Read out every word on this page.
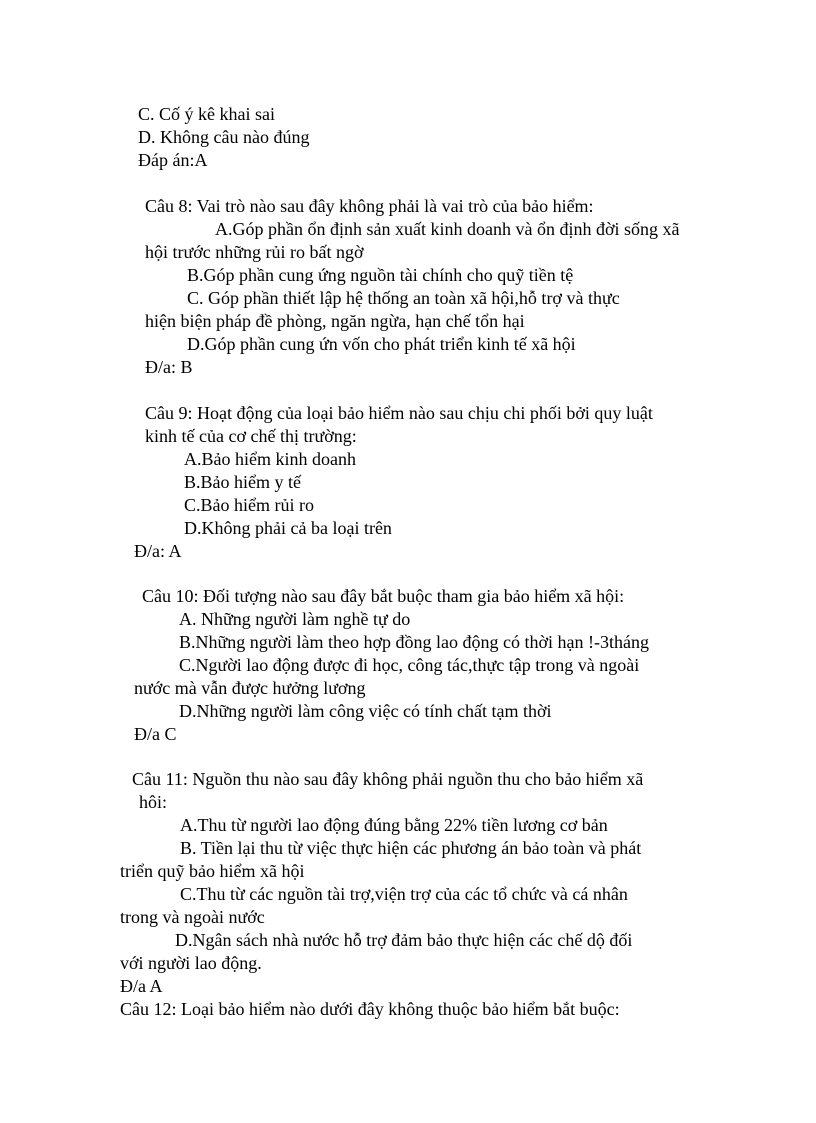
C. Cố ý kê khai sai
D. Không câu nào đúng
Đáp án:A
Câu 8: Vai trò nào sau đây không phải là vai trò của bảo hiểm:
A.Góp phần ổn định sản xuất kinh doanh và ổn định đời sống xã
hội trước những rủi ro bất ngờ
B.Góp phần cung ứng nguồn tài chính cho quỹ tiền tệ
C. Góp phần thiết lập hệ thống an toàn xã hội,hỗ trợ và thực
hiện biện pháp đề phòng, ngăn ngừa, hạn chế tổn hại
D.Góp phần cung ứn vốn cho phát triển kinh tế xã hội
Đ/a: B
Câu 9: Hoạt động của loại bảo hiểm nào sau chịu chi phối bởi quy luật
kinh tế của cơ chế thị trường:
A.Bảo hiểm kinh doanh
B.Bảo hiểm y tế
C.Bảo hiểm rủi ro
D.Không phải cả ba loại trên
Đ/a: A
Câu 10: Đối tượng nào sau đây bắt buộc tham gia bảo hiểm xã hội:
A. Những người làm nghề tự do
B.Những người làm theo hợp đồng lao động có thời hạn !-3tháng
C.Người lao động được đi học, công tác,thực tập trong và ngoài
nước mà vẫn được hưởng lương
D.Những người làm công việc có tính chất tạm thời
Đ/a C
Câu 11: Nguồn thu nào sau đây không phải nguồn thu cho bảo hiểm xã
hôi:
A.Thu từ người lao động đúng bằng 22% tiền lương cơ bản
B. Tiền lại thu từ việc thực hiện các phương án bảo toàn và phát
triển quỹ bảo hiểm xã hội
C.Thu từ các nguồn tài trợ,viện trợ của các tổ chức và cá nhân
trong và ngoài nước
D.Ngân sách nhà nước hỗ trợ đảm bảo thực hiện các chế dộ đối
với người lao động.
Đ/a A
Câu 12: Loại bảo hiểm nào dưới đây không thuộc bảo hiểm bắt buộc:
